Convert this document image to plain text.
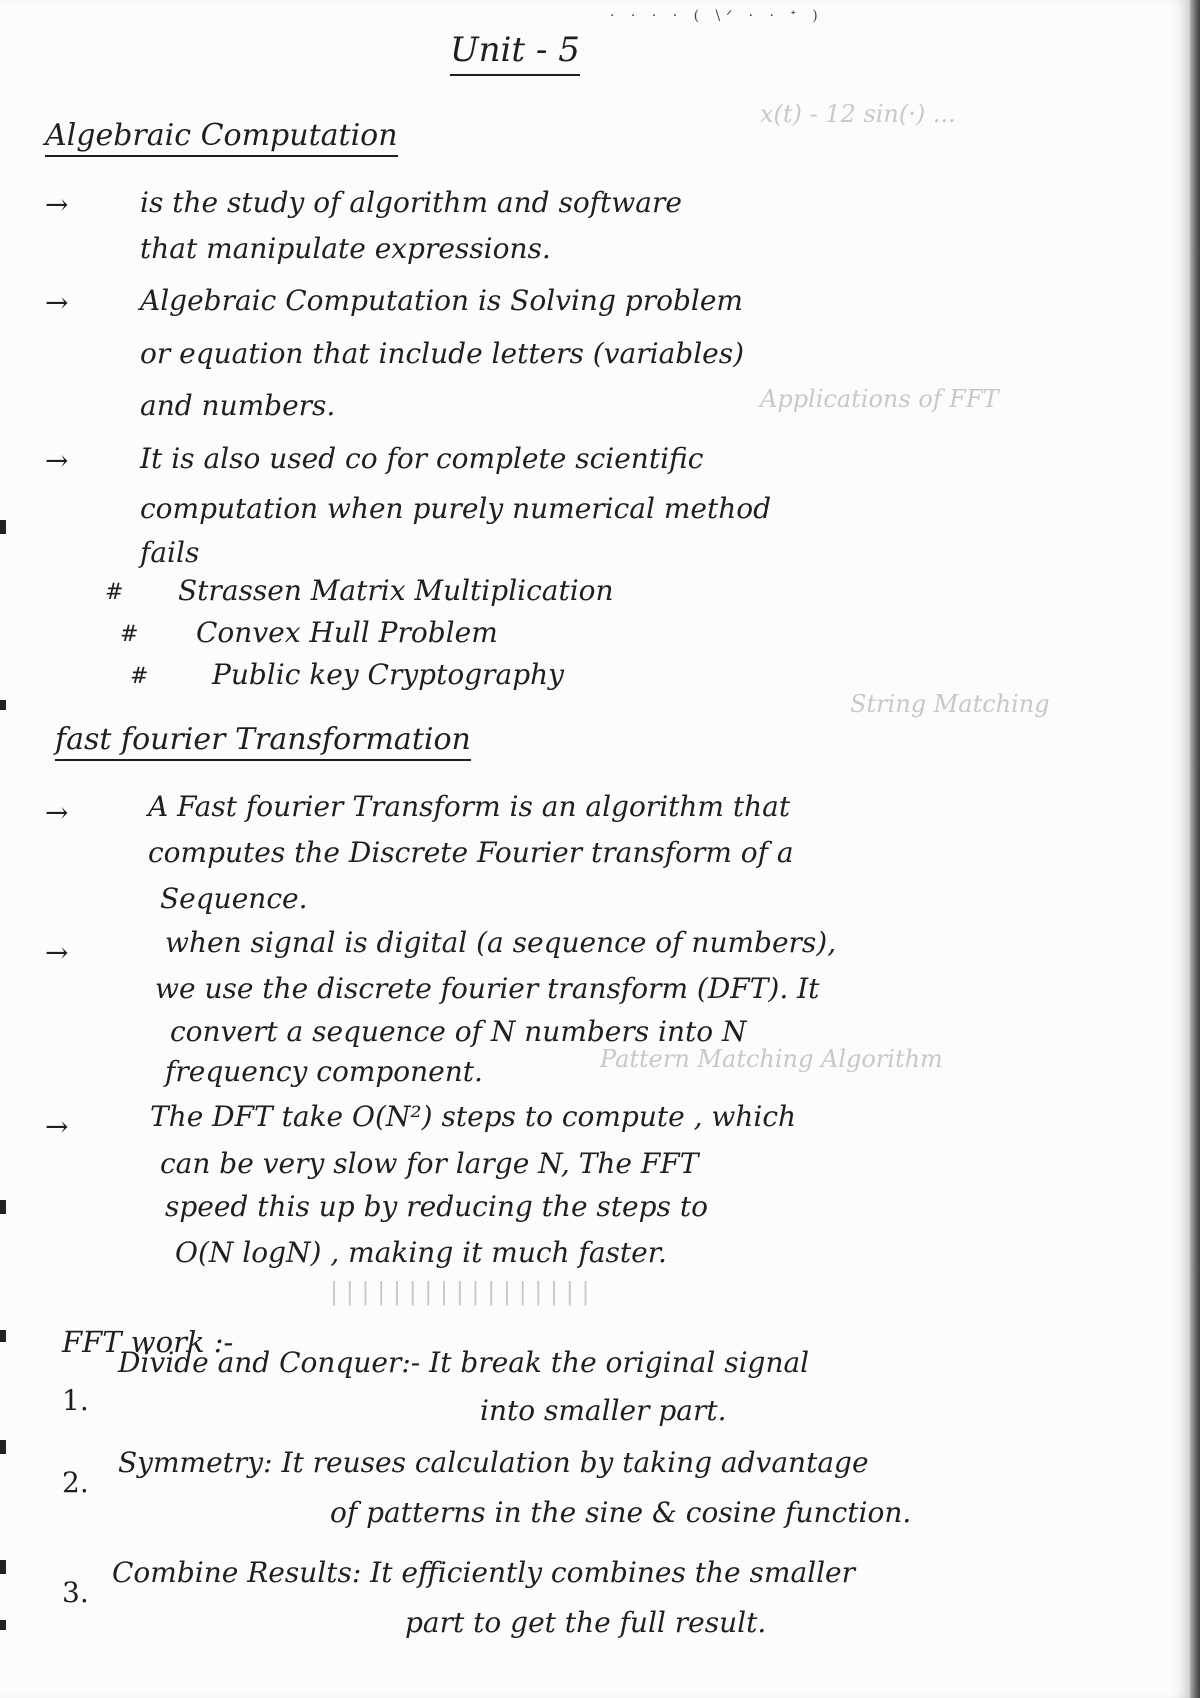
x(t) - 12 sin(·) ...
Applications of FFT
String Matching
Pattern Matching Algorithm
| | | | | | | | | | | | | | | | |
· · · · ( \ᐟ · · ᐩ )
Unit - 5
Algebraic Computation
→	is the study of algorithm and software
that manipulate expressions.
→	Algebraic Computation is Solving problem
or equation that include letters (variables)
and numbers.
→	It is also used co for complete scientific
computation when purely numerical method
fails
# Strassen Matrix Multiplication
# Convex Hull Problem
# Public key Cryptography
fast fourier Transformation
→	A Fast fourier Transform is an algorithm that
computes the Discrete Fourier transform of a
Sequence.
→	when signal is digital (a sequence of numbers),
we use the discrete fourier transform (DFT). It
convert a sequence of N numbers into N
frequency component.
→	The DFT take O(N²) steps to compute , which
can be very slow for large N, The FFT
speed this up by reducing the steps to
O(N logN) , making it much faster.
FFT work :-
1.
Divide and Conquer:- It break the original signal
into smaller part.
2.
Symmetry: It reuses calculation by taking advantage
of patterns in the sine & cosine function.
3.
Combine Results: It efficiently combines the smaller
part to get the full result.
